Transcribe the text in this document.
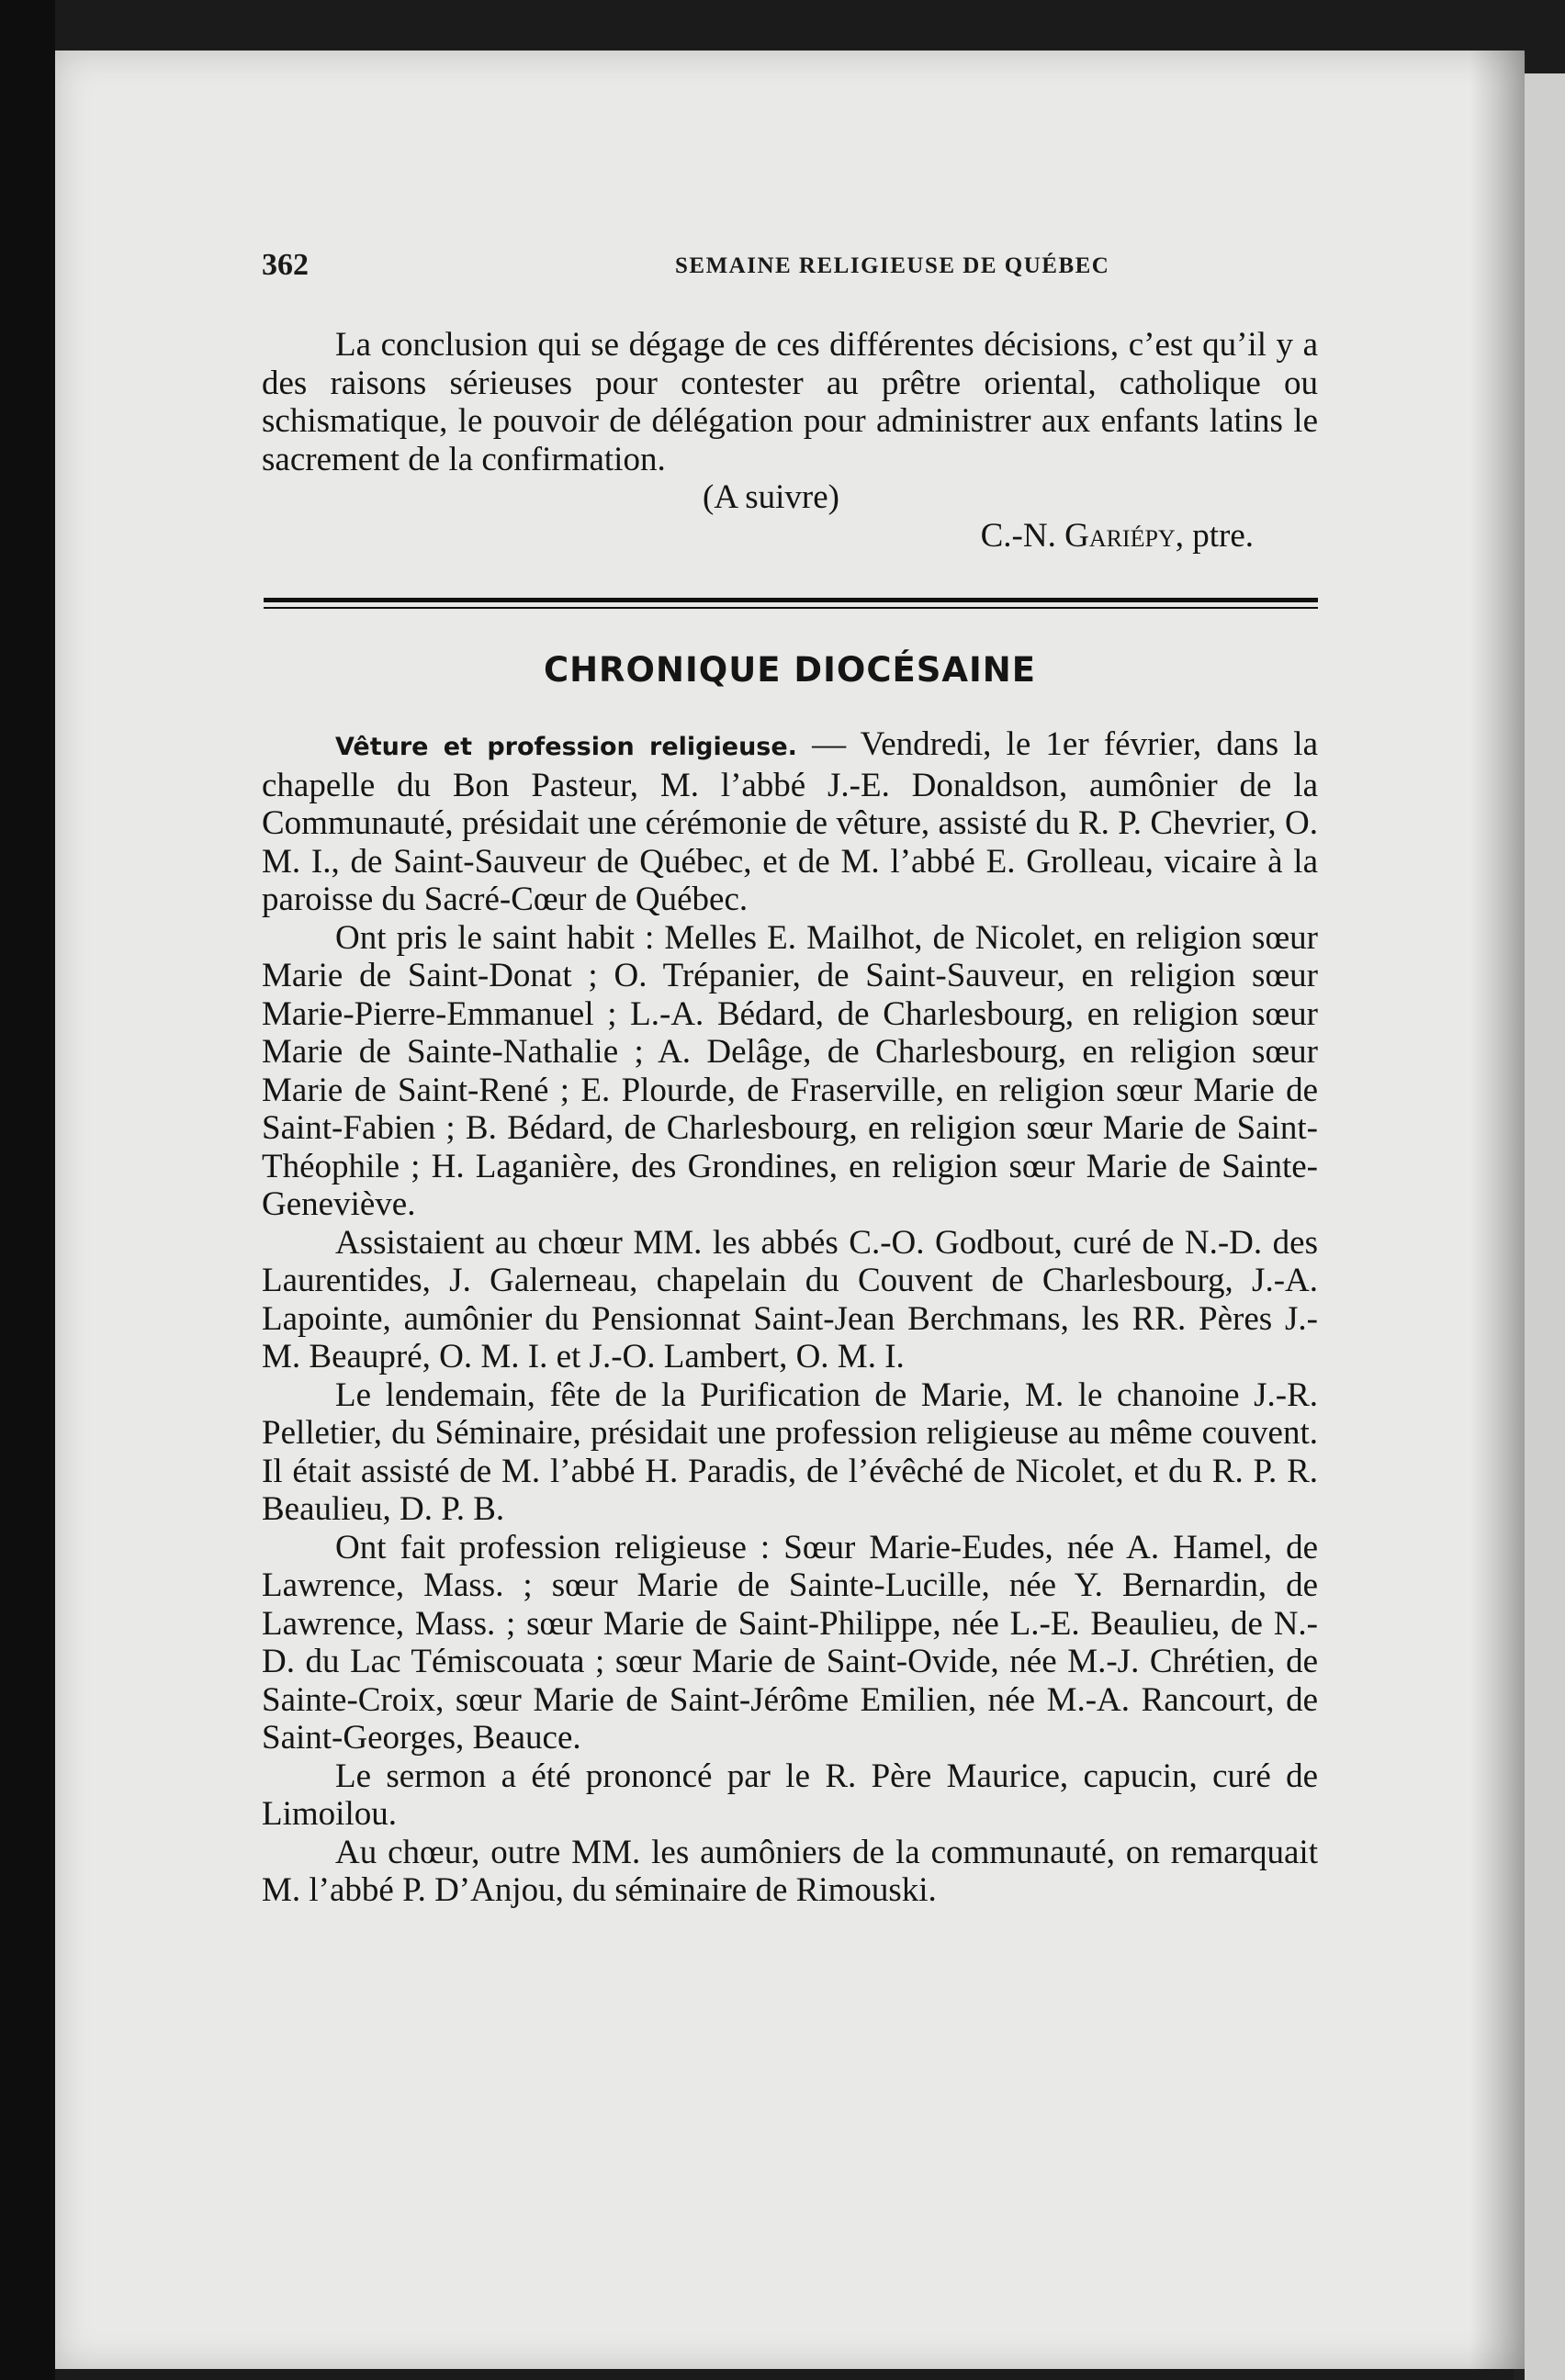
362	SEMAINE RELIGIEUSE DE QUÉBEC

La conclusion qui se dégage de ces différentes décisions, c’est qu’il y a des raisons sérieuses pour contester au prêtre oriental, catholique ou schismatique, le pouvoir de délégation pour administrer aux enfants latins le sacrement de la confirmation.

(A suivre)

C.-N. Gariépy, ptre.

CHRONIQUE DIOCÉSAINE

Vêture et profession religieuse. — Vendredi, le 1er février, dans la chapelle du Bon Pasteur, M. l’abbé J.-E. Donaldson, aumônier de la Communauté, présidait une cérémonie de vêture, assisté du R. P. Chevrier, O. M. I., de Saint-Sauveur de Québec, et de M. l’abbé E. Grolleau, vicaire à la paroisse du Sacré-Cœur de Québec.

Ont pris le saint habit : Melles E. Mailhot, de Nicolet, en religion sœur Marie de Saint-Donat ; O. Trépanier, de Saint-Sauveur, en religion sœur Marie-Pierre-Emmanuel ; L.-A. Bédard, de Charlesbourg, en religion sœur Marie de Sainte-Nathalie ; A. Delâge, de Charlesbourg, en religion sœur Marie de Saint-René ; E. Plourde, de Fraserville, en religion sœur Marie de Saint-Fabien ; B. Bédard, de Charlesbourg, en religion sœur Marie de Saint-Théophile ; H. Laganière, des Grondines, en religion sœur Marie de Sainte-Geneviève.

Assistaient au chœur MM. les abbés C.-O. Godbout, curé de N.-D. des Laurentides, J. Galerneau, chapelain du Couvent de Charlesbourg, J.-A. Lapointe, aumônier du Pensionnat Saint-Jean Berchmans, les RR. Pères J.-M. Beaupré, O. M. I. et J.-O. Lambert, O. M. I.

Le lendemain, fête de la Purification de Marie, M. le chanoine J.-R. Pelletier, du Séminaire, présidait une profession religieuse au même couvent. Il était assisté de M. l’abbé H. Paradis, de l’évêché de Nicolet, et du R. P. R. Beaulieu, D. P. B.

Ont fait profession religieuse : Sœur Marie-Eudes, née A. Hamel, de Lawrence, Mass. ; sœur Marie de Sainte-Lucille, née Y. Bernardin, de Lawrence, Mass. ; sœur Marie de Saint-Philippe, née L.-E. Beaulieu, de N.-D. du Lac Témiscouata ; sœur Marie de Saint-Ovide, née M.-J. Chrétien, de Sainte-Croix, sœur Marie de Saint-Jérôme Emilien, née M.-A. Rancourt, de Saint-Georges, Beauce.

Le sermon a été prononcé par le R. Père Maurice, capucin, curé de Limoilou.

Au chœur, outre MM. les aumôniers de la communauté, on remarquait M. l’abbé P. D’Anjou, du séminaire de Rimouski.
